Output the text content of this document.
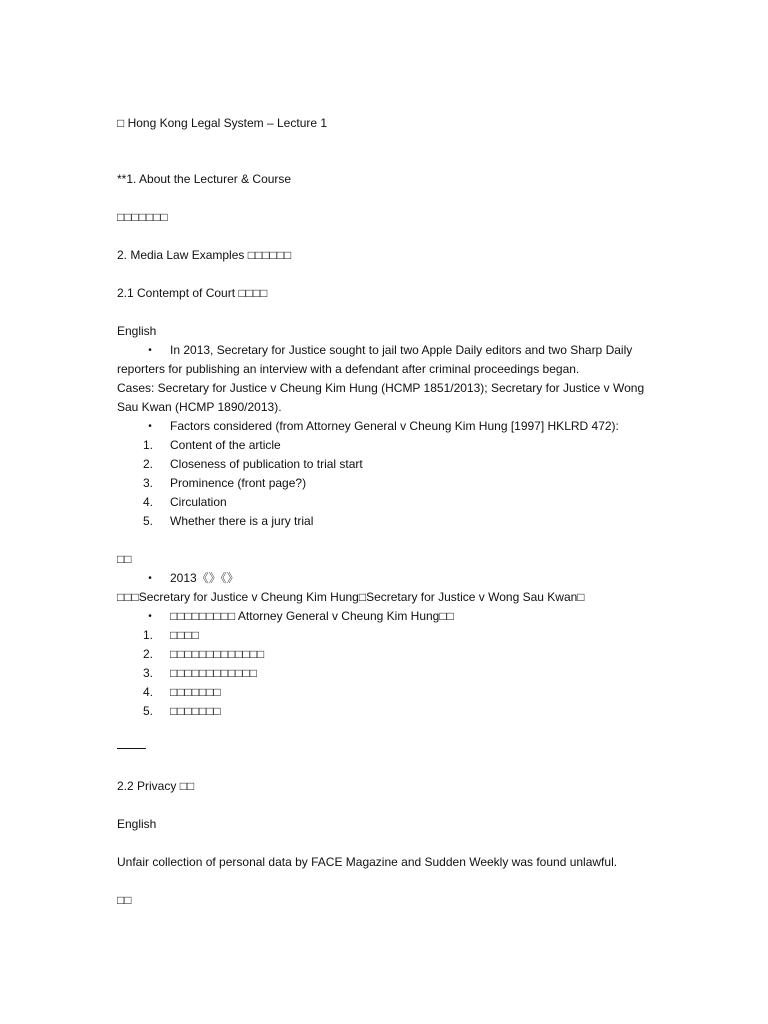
□ Hong Kong Legal System – Lecture 1
**1. About the Lecturer & Course
□□□□□□□
2. Media Law Examples □□□□□□
2.1 Contempt of Court □□□□
English
• In 2013, Secretary for Justice sought to jail two Apple Daily editors and two Sharp Daily
reporters for publishing an interview with a defendant after criminal proceedings began.
Cases: Secretary for Justice v Cheung Kim Hung (HCMP 1851/2013); Secretary for Justice v Wong
Sau Kwan (HCMP 1890/2013).
• Factors considered (from Attorney General v Cheung Kim Hung [1997] HKLRD 472):
1.	Content of the article
2.	Closeness of publication to trial start
3.	Prominence (front page?)
4.	Circulation
5.	Whether there is a jury trial
□□
• 2013《》《》
□□□Secretary for Justice v Cheung Kim Hung□Secretary for Justice v Wong Sau Kwan□
• □□□□□□□□□ Attorney General v Cheung Kim Hung□□
1.	□□□□
2.	□□□□□□□□□□□□□
3.	□□□□□□□□□□□□
4.	□□□□□□□
5.	□□□□□□□
2.2 Privacy □□
English
Unfair collection of personal data by FACE Magazine and Sudden Weekly was found unlawful.
□□
